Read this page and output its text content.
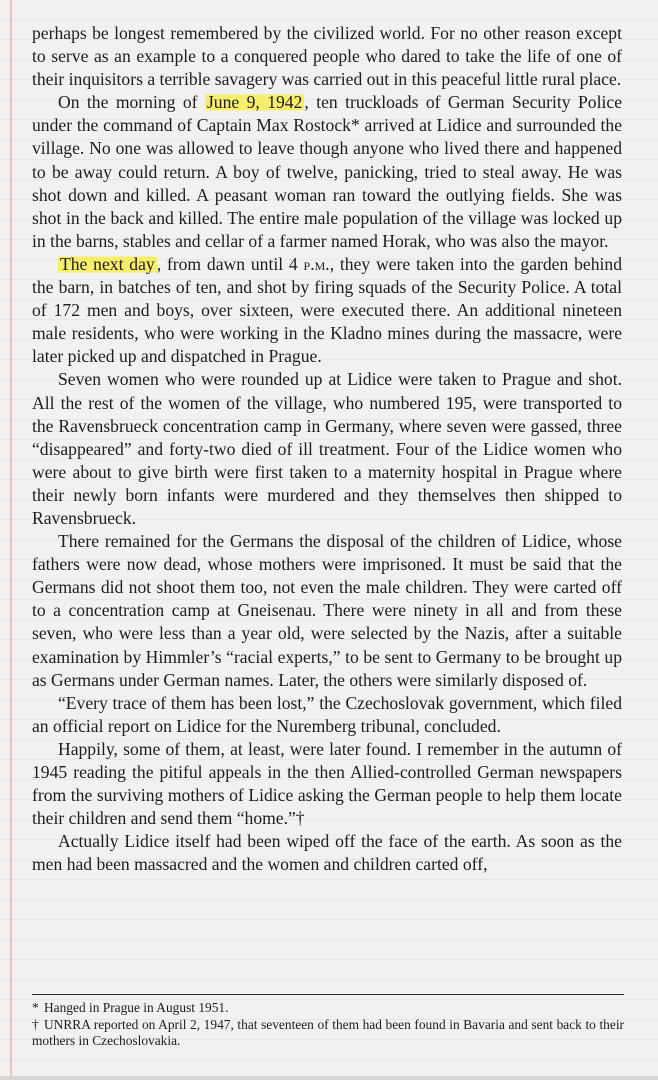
perhaps be longest remembered by the civilized world. For no other reason except to serve as an example to a conquered people who dared to take the life of one of their inquisitors a terrible savagery was carried out in this peaceful little rural place.

On the morning of June 9, 1942 , ten truckloads of German Security Police under the command of Captain Max Rostock* arrived at Lidice and surrounded the village. No one was allowed to leave though anyone who lived there and happened to be away could return. A boy of twelve, panicking, tried to steal away. He was shot down and killed. A peasant woman ran toward the outlying fields. She was shot in the back and killed. The entire male population of the village was locked up in the barns, stables and cellar of a farmer named Horak, who was also the mayor.

The next day , from dawn until 4 p.m., they were taken into the garden behind the barn, in batches of ten, and shot by firing squads of the Security Police. A total of 172 men and boys, over sixteen, were executed there. An additional nineteen male residents, who were working in the Kladno mines during the massacre, were later picked up and dispatched in Prague.

Seven women who were rounded up at Lidice were taken to Prague and shot. All the rest of the women of the village, who numbered 195, were transported to the Ravensbrueck concentration camp in Germany, where seven were gassed, three “disappeared” and forty-two died of ill treatment. Four of the Lidice women who were about to give birth were first taken to a maternity hospital in Prague where their newly born infants were murdered and they themselves then shipped to Ravensbrueck.

There remained for the Germans the disposal of the children of Lidice, whose fathers were now dead, whose mothers were imprisoned. It must be said that the Germans did not shoot them too, not even the male children. They were carted off to a concentration camp at Gneisenau. There were ninety in all and from these seven, who were less than a year old, were selected by the Nazis, after a suitable examination by Himmler’s “racial experts,” to be sent to Germany to be brought up as Germans under German names. Later, the others were similarly disposed of.

“Every trace of them has been lost,” the Czechoslovak government, which filed an official report on Lidice for the Nuremberg tribunal, concluded.

Happily, some of them, at least, were later found. I remember in the autumn of 1945 reading the pitiful appeals in the then Allied-controlled German newspapers from the surviving mothers of Lidice asking the German people to help them locate their children and send them “home.”†

Actually Lidice itself had been wiped off the face of the earth. As soon as the men had been massacred and the women and children carted off,

* Hanged in Prague in August 1951.

† UNRRA reported on April 2, 1947, that seventeen of them had been found in Bavaria and sent back to their mothers in Czechoslovakia.
